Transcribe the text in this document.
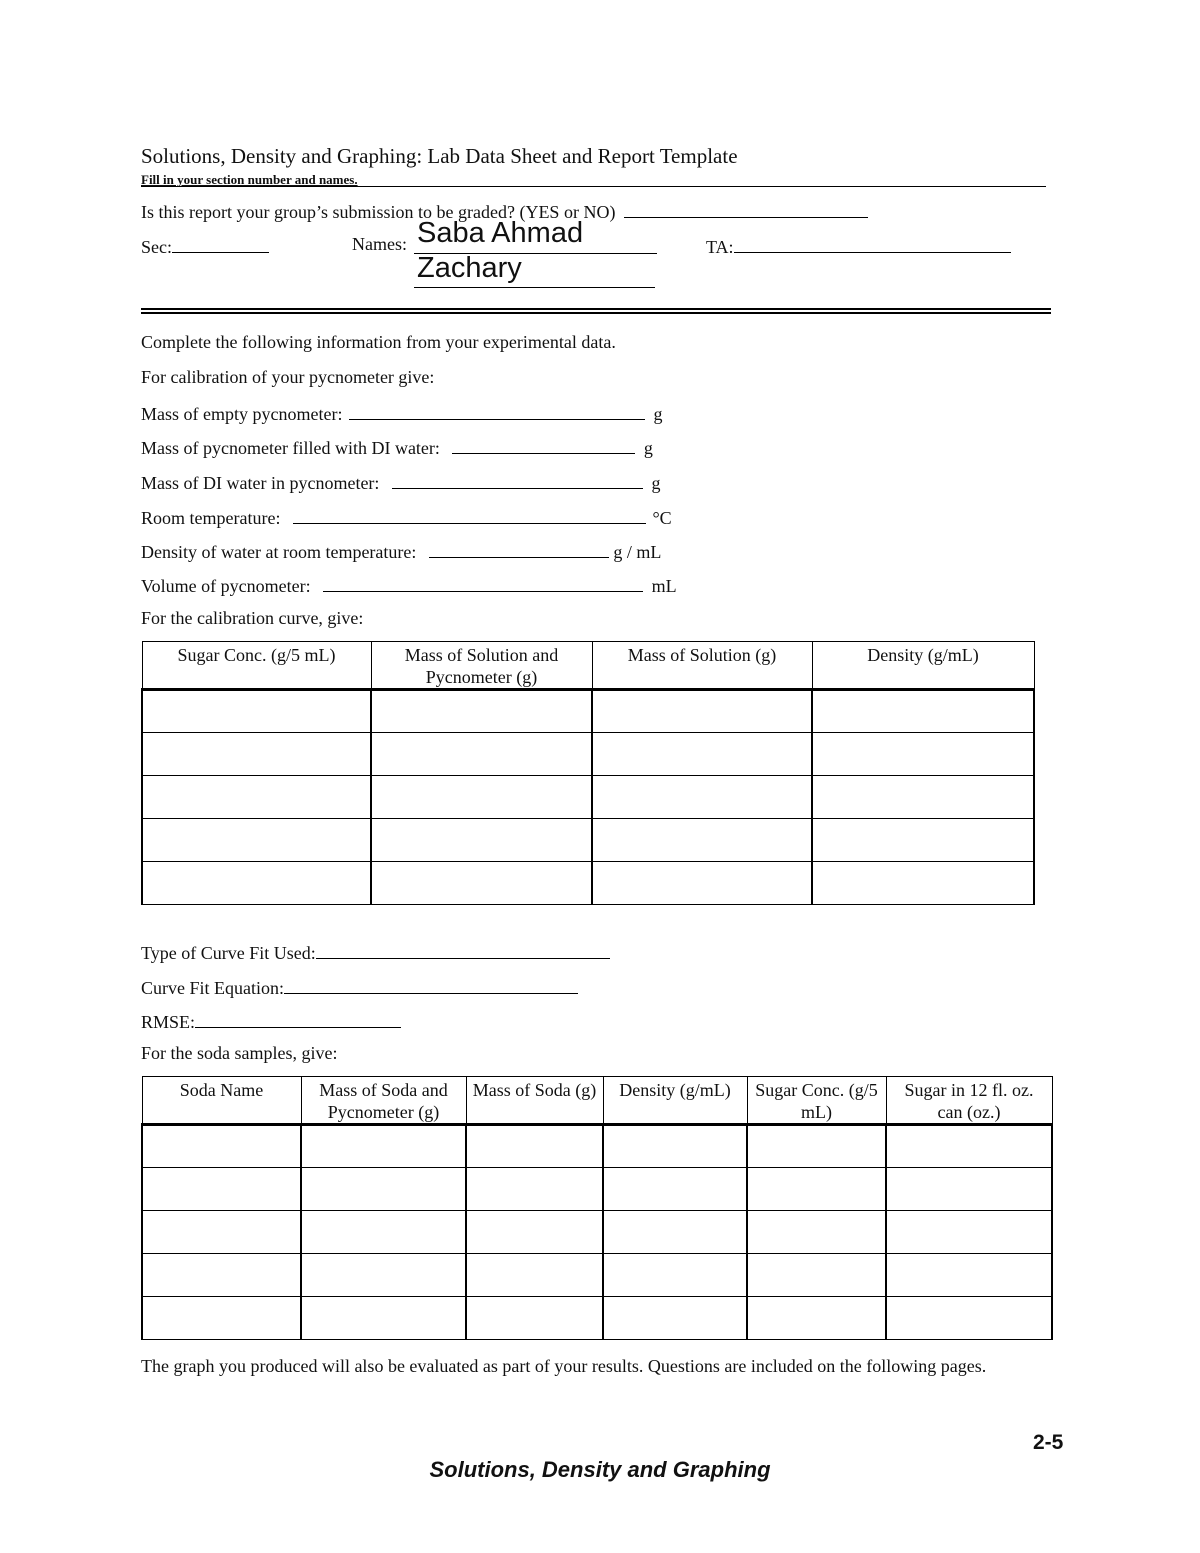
Solutions, Density and Graphing: Lab Data Sheet and Report Template
Fill in your section number and names.
Is this report your group’s submission to be graded? (YES or NO)
Sec:	Names: Saba Ahmad
Zachary
TA:
Complete the following information from your experimental data.
For calibration of your pycnometer give:
Mass of empty pycnometer:	g
Mass of pycnometer filled with DI water:	g
Mass of DI water in pycnometer:	g
Room temperature:	°C
Density of water at room temperature:	g / mL
Volume of pycnometer:	mL
For the calibration curve, give:
Sugar Conc. (g/5 mL)	Mass of Solution and Pycnometer (g)	Mass of Solution (g)	Density (g/mL)

Type of Curve Fit Used:
Curve Fit Equation:
RMSE:
For the soda samples, give:
Soda Name	Mass of Soda and Pycnometer (g)	Mass of Soda (g)	Density (g/mL)	Sugar Conc. (g/5 mL)	Sugar in 12 fl. oz. can (oz.)

The graph you produced will also be evaluated as part of your results. Questions are included on the following pages.
2-5
Solutions, Density and Graphing
